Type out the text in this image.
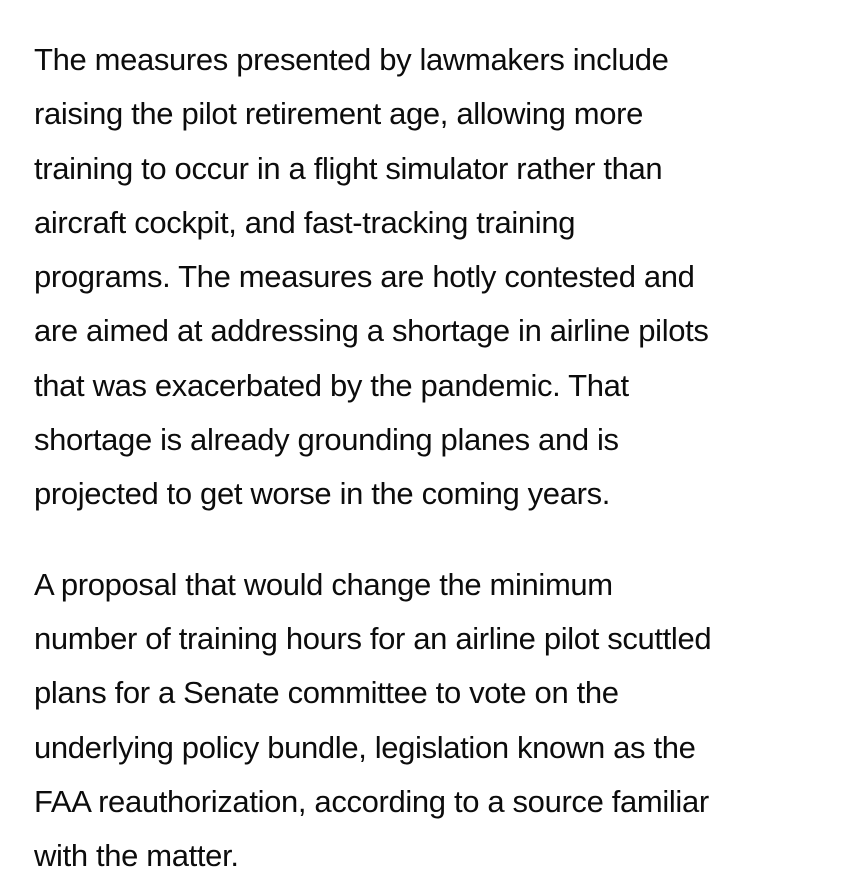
The measures presented by lawmakers include
raising the pilot retirement age, allowing more
training to occur in a flight simulator rather than
aircraft cockpit, and fast-tracking training
programs. The measures are hotly contested and
are aimed at addressing a shortage in airline pilots
that was exacerbated by the pandemic. That
shortage is already grounding planes and is
projected to get worse in the coming years.

A proposal that would change the minimum
number of training hours for an airline pilot scuttled
plans for a Senate committee to vote on the
underlying policy bundle, legislation known as the
FAA reauthorization, according to a source familiar
with the matter.
